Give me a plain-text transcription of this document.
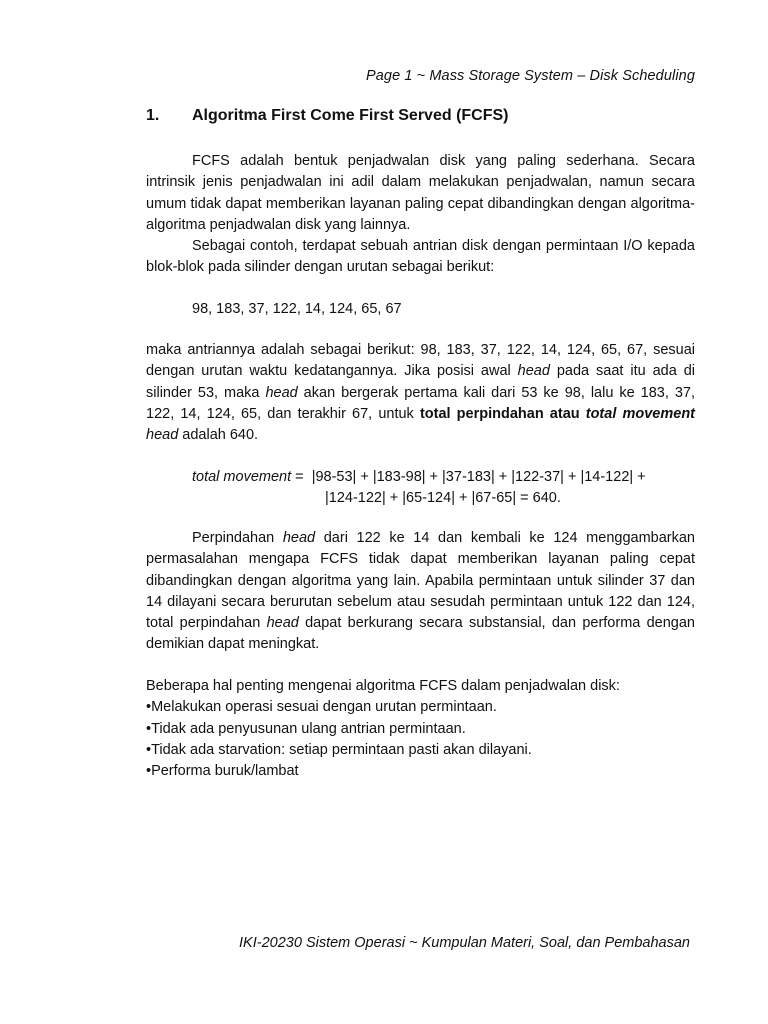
Page 1 ~ Mass Storage System – Disk Scheduling
1. Algoritma First Come First Served (FCFS)

FCFS adalah bentuk penjadwalan disk yang paling sederhana. Secara intrinsik jenis penjadwalan ini adil dalam melakukan penjadwalan, namun secara umum tidak dapat memberikan layanan paling cepat dibandingkan dengan algoritma-algoritma penjadwalan disk yang lainnya.

Sebagai contoh, terdapat sebuah antrian disk dengan permintaan I/O kepada blok-blok pada silinder dengan urutan sebagai berikut:

98, 183, 37, 122, 14, 124, 65, 67

maka antriannya adalah sebagai berikut: 98, 183, 37, 122, 14, 124, 65, 67, sesuai dengan urutan waktu kedatangannya. Jika posisi awal head pada saat itu ada di silinder 53, maka head akan bergerak pertama kali dari 53 ke 98, lalu ke 183, 37, 122, 14, 124, 65, dan terakhir 67, untuk total perpindahan atau total movement head adalah 640.

total movement =  |98-53| + |183-98| + |37-183| + |122-37| + |14-122| +
|124-122| + |65-124| + |67-65| = 640.

Perpindahan head dari 122 ke 14 dan kembali ke 124 menggambarkan permasalahan mengapa FCFS tidak dapat memberikan layanan paling cepat dibandingkan dengan algoritma yang lain. Apabila permintaan untuk silinder 37 dan 14 dilayani secara berurutan sebelum atau sesudah permintaan untuk 122 dan 124, total perpindahan head dapat berkurang secara substansial, dan performa dengan demikian dapat meningkat.

Beberapa hal penting mengenai algoritma FCFS dalam penjadwalan disk:
•Melakukan operasi sesuai dengan urutan permintaan.
•Tidak ada penyusunan ulang antrian permintaan.
•Tidak ada starvation: setiap permintaan pasti akan dilayani.
•Performa buruk/lambat
IKI-20230 Sistem Operasi ~ Kumpulan Materi, Soal, dan Pembahasan
